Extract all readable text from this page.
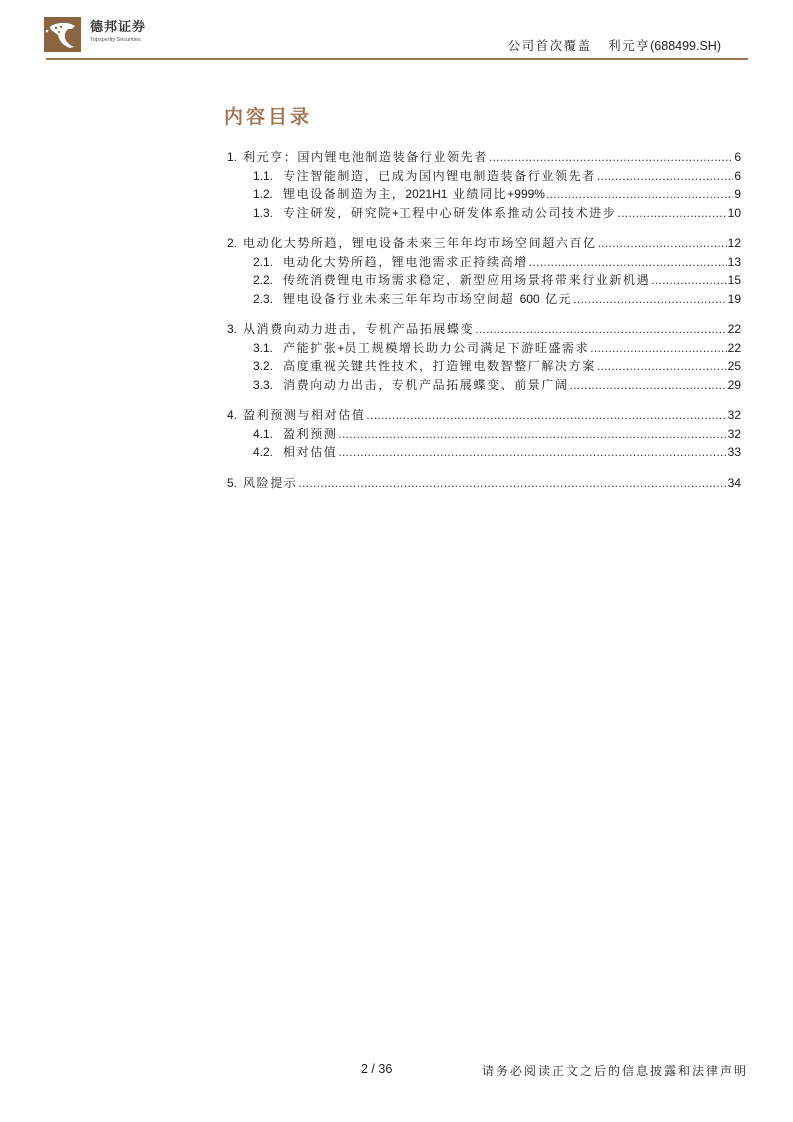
德邦证券
Topsperity Securities	公司首次覆盖 利元亨(688499.SH)
内容目录
1. 利元亨：国内锂电池制造装备行业领先者 .....	6
1.1. 专注智能制造，已成为国内锂电制造装备行业领先者 .....	6
1.2. 锂电设备制造为主，2021H1 业绩同比+999% .....	9
1.3. 专注研发，研究院+工程中心研发体系推动公司技术进步 .....	10
2. 电动化大势所趋，锂电设备未来三年年均市场空间超六百亿 .....	12
2.1. 电动化大势所趋，锂电池需求正持续高增 .....	13
2.2. 传统消费锂电市场需求稳定，新型应用场景将带来行业新机遇 .....	15
2.3. 锂电设备行业未来三年年均市场空间超 600 亿元 .....	19
3. 从消费向动力进击，专机产品拓展蝶变 .....	22
3.1. 产能扩张+员工规模增长助力公司满足下游旺盛需求 .....	22
3.2. 高度重视关键共性技术，打造锂电数智整厂解决方案 .....	25
3.3. 消费向动力出击，专机产品拓展蝶变、前景广阔 .....	29
4. 盈利预测与相对估值 .....	32
4.1. 盈利预测 .....	32
4.2. 相对估值 .....	33
5. 风险提示 .....	34
2 / 36	请务必阅读正文之后的信息披露和法律声明
